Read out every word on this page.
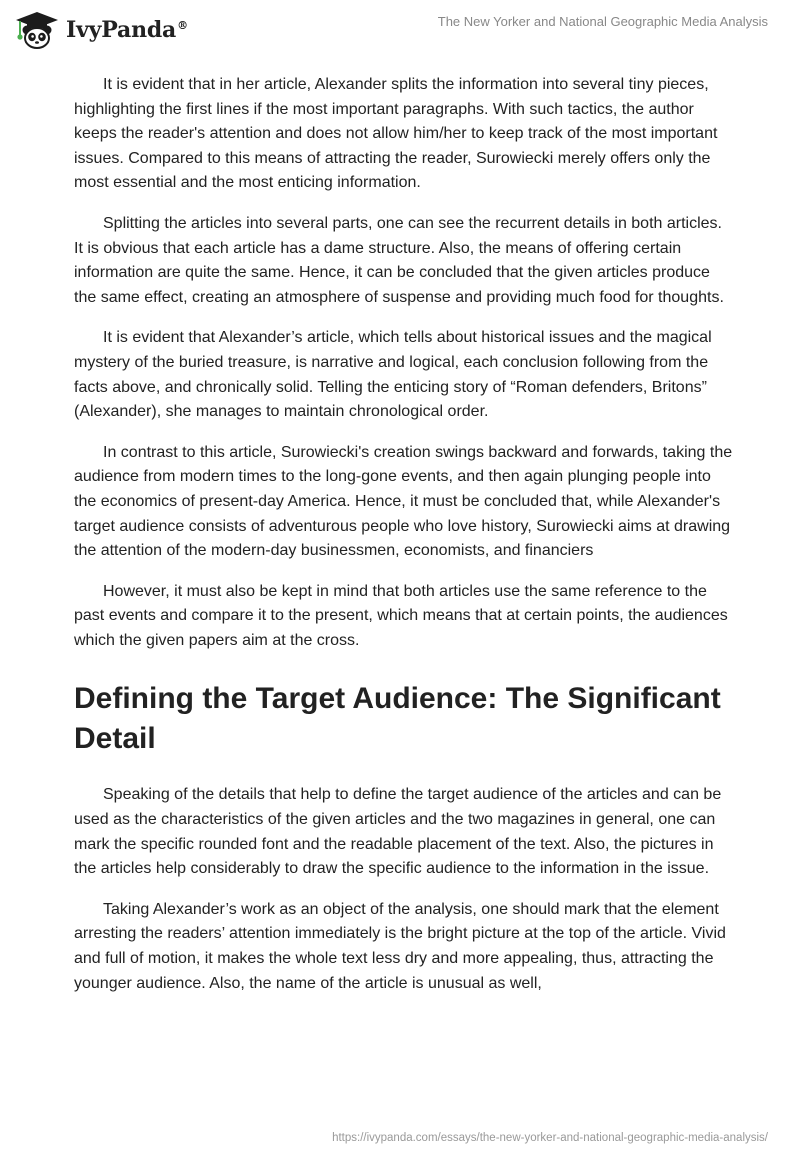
IvyPanda®	The New Yorker and National Geographic Media Analysis

It is evident that in her article, Alexander splits the information into several tiny pieces, highlighting the first lines if the most important paragraphs. With such tactics, the author keeps the reader's attention and does not allow him/her to keep track of the most important issues. Compared to this means of attracting the reader, Surowiecki merely offers only the most essential and the most enticing information.

Splitting the articles into several parts, one can see the recurrent details in both articles. It is obvious that each article has a dame structure. Also, the means of offering certain information are quite the same. Hence, it can be concluded that the given articles produce the same effect, creating an atmosphere of suspense and providing much food for thoughts.

It is evident that Alexander’s article, which tells about historical issues and the magical mystery of the buried treasure, is narrative and logical, each conclusion following from the facts above, and chronically solid. Telling the enticing story of “Roman defenders, Britons” (Alexander), she manages to maintain chronological order.

In contrast to this article, Surowiecki's creation swings backward and forwards, taking the audience from modern times to the long-gone events, and then again plunging people into the economics of present-day America. Hence, it must be concluded that, while Alexander's target audience consists of adventurous people who love history, Surowiecki aims at drawing the attention of the modern-day businessmen, economists, and financiers

However, it must also be kept in mind that both articles use the same reference to the past events and compare it to the present, which means that at certain points, the audiences which the given papers aim at the cross.

Defining the Target Audience: The Significant Detail

Speaking of the details that help to define the target audience of the articles and can be used as the characteristics of the given articles and the two magazines in general, one can mark the specific rounded font and the readable placement of the text. Also, the pictures in the articles help considerably to draw the specific audience to the information in the issue.

Taking Alexander’s work as an object of the analysis, one should mark that the element arresting the readers’ attention immediately is the bright picture at the top of the article. Vivid and full of motion, it makes the whole text less dry and more appealing, thus, attracting the younger audience. Also, the name of the article is unusual as well,

https://ivypanda.com/essays/the-new-yorker-and-national-geographic-media-analysis/
